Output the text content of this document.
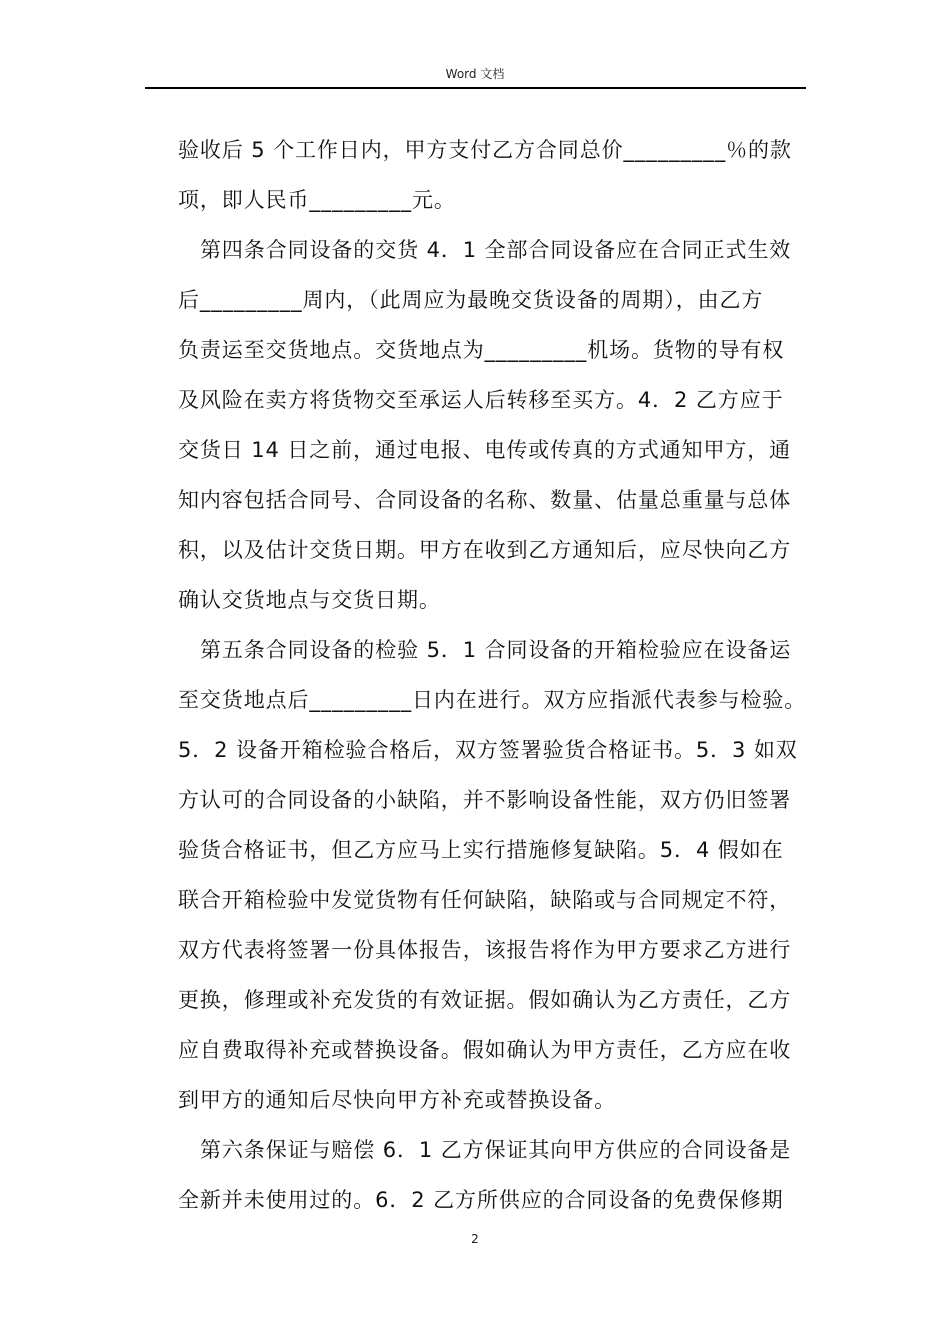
Word 文档
验收后 5 个工作日内，甲方支付乙方合同总价_________％的款
项，即人民币_________元。
第四条合同设备的交货 4．1 全部合同设备应在合同正式生效
后_________周内，（此周应为最晚交货设备的周期），由乙方
负责运至交货地点。交货地点为_________机场。货物的导有权
及风险在卖方将货物交至承运人后转移至买方。4．2 乙方应于
交货日 14 日之前，通过电报、电传或传真的方式通知甲方，通
知内容包括合同号、合同设备的名称、数量、估量总重量与总体
积，以及估计交货日期。甲方在收到乙方通知后，应尽快向乙方
确认交货地点与交货日期。
第五条合同设备的检验 5．1 合同设备的开箱检验应在设备运
至交货地点后_________日内在进行。双方应指派代表参与检验。
5．2 设备开箱检验合格后，双方签署验货合格证书。5．3 如双
方认可的合同设备的小缺陷，并不影响设备性能，双方仍旧签署
验货合格证书，但乙方应马上实行措施修复缺陷。5．4 假如在
联合开箱检验中发觉货物有任何缺陷，缺陷或与合同规定不符，
双方代表将签署一份具体报告，该报告将作为甲方要求乙方进行
更换，修理或补充发货的有效证据。假如确认为乙方责任，乙方
应自费取得补充或替换设备。假如确认为甲方责任，乙方应在收
到甲方的通知后尽快向甲方补充或替换设备。
第六条保证与赔偿 6．1 乙方保证其向甲方供应的合同设备是
全新并未使用过的。6．2 乙方所供应的合同设备的免费保修期
2
